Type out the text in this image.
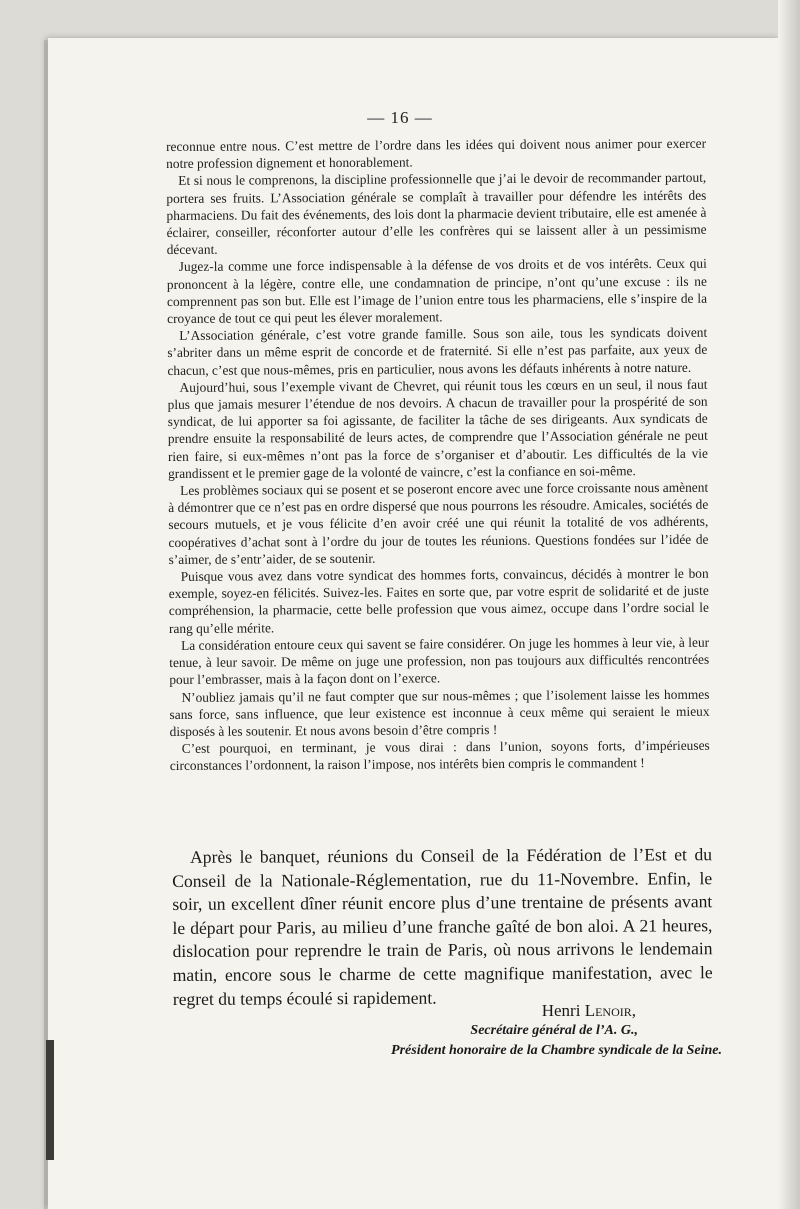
— 16 —

reconnue entre nous. C’est mettre de l’ordre dans les idées qui doivent nous animer pour exercer notre profession dignement et honorablement.

Et si nous le comprenons, la discipline professionnelle que j’ai le devoir de recommander partout, portera ses fruits. L’Association générale se complaît à travailler pour défendre les intérêts des pharmaciens. Du fait des événements, des lois dont la pharmacie devient tributaire, elle est amenée à éclairer, conseiller, réconforter autour d’elle les confrères qui se laissent aller à un pessimisme décevant.

Jugez-la comme une force indispensable à la défense de vos droits et de vos intérêts. Ceux qui prononcent à la légère, contre elle, une condamnation de principe, n’ont qu’une excuse : ils ne comprennent pas son but. Elle est l’image de l’union entre tous les pharmaciens, elle s’inspire de la croyance de tout ce qui peut les élever moralement.

L’Association générale, c’est votre grande famille. Sous son aile, tous les syndicats doivent s’abriter dans un même esprit de concorde et de fraternité. Si elle n’est pas parfaite, aux yeux de chacun, c’est que nous-mêmes, pris en particulier, nous avons les défauts inhérents à notre nature.

Aujourd’hui, sous l’exemple vivant de Chevret, qui réunit tous les cœurs en un seul, il nous faut plus que jamais mesurer l’étendue de nos devoirs. A chacun de travailler pour la prospérité de son syndicat, de lui apporter sa foi agissante, de faciliter la tâche de ses dirigeants. Aux syndicats de prendre ensuite la responsabilité de leurs actes, de comprendre que l’Association générale ne peut rien faire, si eux-mêmes n’ont pas la force de s’organiser et d’aboutir. Les difficultés de la vie grandissent et le premier gage de la volonté de vaincre, c’est la confiance en soi-même.

Les problèmes sociaux qui se posent et se poseront encore avec une force croissante nous amènent à démontrer que ce n’est pas en ordre dispersé que nous pourrons les résoudre. Amicales, sociétés de secours mutuels, et je vous félicite d’en avoir créé une qui réunit la totalité de vos adhérents, coopératives d’achat sont à l’ordre du jour de toutes les réunions. Questions fondées sur l’idée de s’aimer, de s’entr’aider, de se soutenir.

Puisque vous avez dans votre syndicat des hommes forts, convaincus, décidés à montrer le bon exemple, soyez-en félicités. Suivez-les. Faites en sorte que, par votre esprit de solidarité et de juste compréhension, la pharmacie, cette belle profession que vous aimez, occupe dans l’ordre social le rang qu’elle mérite.

La considération entoure ceux qui savent se faire considérer. On juge les hommes à leur vie, à leur tenue, à leur savoir. De même on juge une profession, non pas toujours aux difficultés rencontrées pour l’embrasser, mais à la façon dont on l’exerce.

N’oubliez jamais qu’il ne faut compter que sur nous-mêmes ; que l’isolement laisse les hommes sans force, sans influence, que leur existence est inconnue à ceux même qui seraient le mieux disposés à les soutenir. Et nous avons besoin d’être compris !

C’est pourquoi, en terminant, je vous dirai : dans l’union, soyons forts, d’impérieuses circonstances l’ordonnent, la raison l’impose, nos intérêts bien compris le commandent !

Après le banquet, réunions du Conseil de la Fédération de l’Est et du Conseil de la Nationale-Réglementation, rue du 11-Novembre. Enfin, le soir, un excellent dîner réunit encore plus d’une trentaine de présents avant le départ pour Paris, au milieu d’une franche gaîté de bon aloi. A 21 heures, dislocation pour reprendre le train de Paris, où nous arrivons le lendemain matin, encore sous le charme de cette magnifique manifestation, avec le regret du temps écoulé si rapidement.

Henri Lenoir,
Secrétaire général de l’A. G.,
Président honoraire de la Chambre syndicale de la Seine.
